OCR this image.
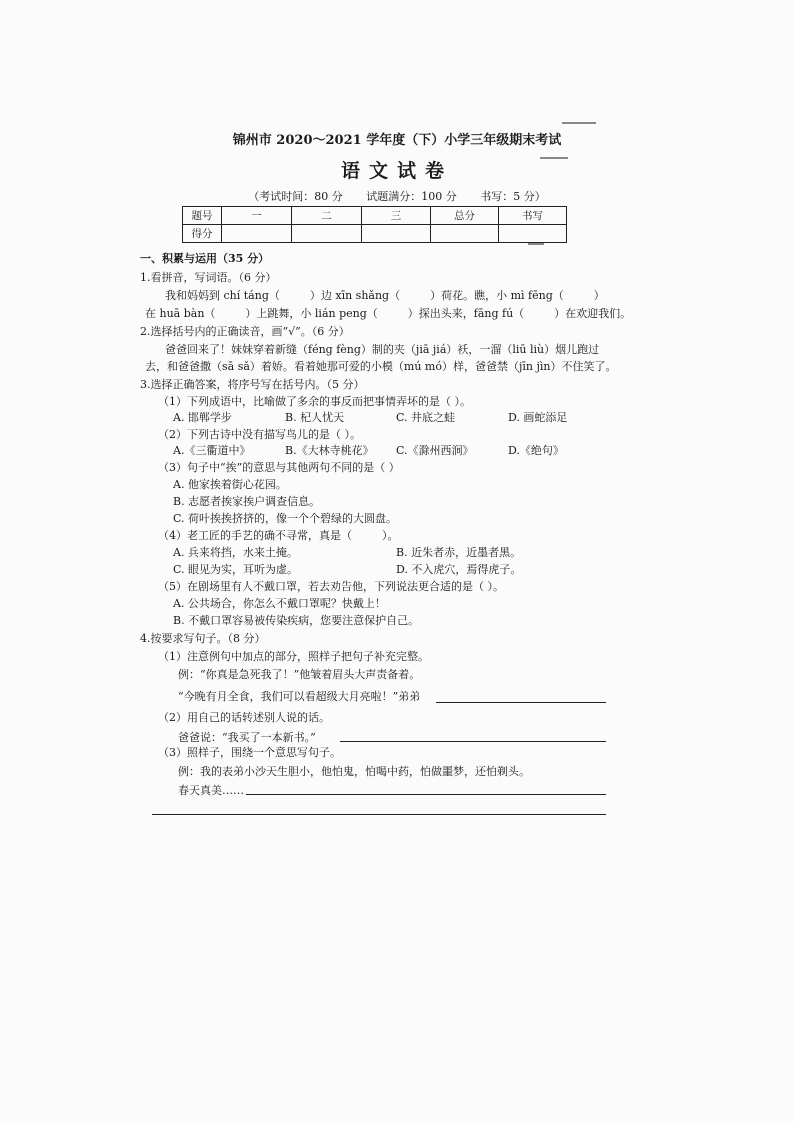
锦州市 2020～2021 学年度（下）小学三年级期末考试
语文试卷
（考试时间：80 分 试题满分：100 分 书写：5 分）
题号	一	二	三	总分	书写
得分					
一、积累与运用（35 分）
1.看拼音，写词语。（6 分）
我和妈妈到 chí táng（	）边 xīn shǎng（	）荷花。瞧，小 mì fēng（	）
在 huā bàn（	）上跳舞，小 lián peng（	）探出头来，fāng fú（	）在欢迎我们。
2.选择括号内的正确读音，画“√”。（6 分）
爸爸回来了！妹妹穿着新缝（féng fèng）制的夹（jiā jiá）袄，一溜（liū liù）烟儿跑过
去，和爸爸撒（sā sǎ）着娇。看着她那可爱的小模（mú mó）样，爸爸禁（jīn jìn）不住笑了。
3.选择正确答案，将序号写在括号内。（5 分）
（1）下列成语中，比喻做了多余的事反而把事情弄坏的是（ ）。
A. 邯郸学步	B. 杞人忧天	C. 井底之蛙	D. 画蛇添足
（2）下列古诗中没有描写鸟儿的是（ ）。
A.《三衢道中》	B.《大林寺桃花》 C.《滁州西涧》	D.《绝句》
（3）句子中“挨”的意思与其他两句不同的是（ ）
A. 他家挨着街心花园。
B. 志愿者挨家挨户调查信息。
C. 荷叶挨挨挤挤的，像一个个碧绿的大圆盘。
（4）老工匠的手艺的确不寻常，真是（	）。
A. 兵来将挡，水来土掩。	B. 近朱者赤，近墨者黑。
C. 眼见为实，耳听为虚。	D. 不入虎穴，焉得虎子。
（5）在剧场里有人不戴口罩，若去劝告他，下列说法更合适的是（ ）。
A. 公共场合，你怎么不戴口罩呢？快戴上！
B. 不戴口罩容易被传染疾病，您要注意保护自己。
4.按要求写句子。（8 分）
（1）注意例句中加点的部分，照样子把句子补充完整。
例：“你真是急死我了！”他皱着眉头大声责备着。
“今晚有月全食，我们可以看超级大月亮啦！”弟弟
（2）用自己的话转述别人说的话。
爸爸说：“我买了一本新书。”
（3）照样子，围绕一个意思写句子。
例：我的表弟小沙天生胆小，他怕鬼，怕喝中药，怕做噩梦，还怕剃头。
春天真美……
